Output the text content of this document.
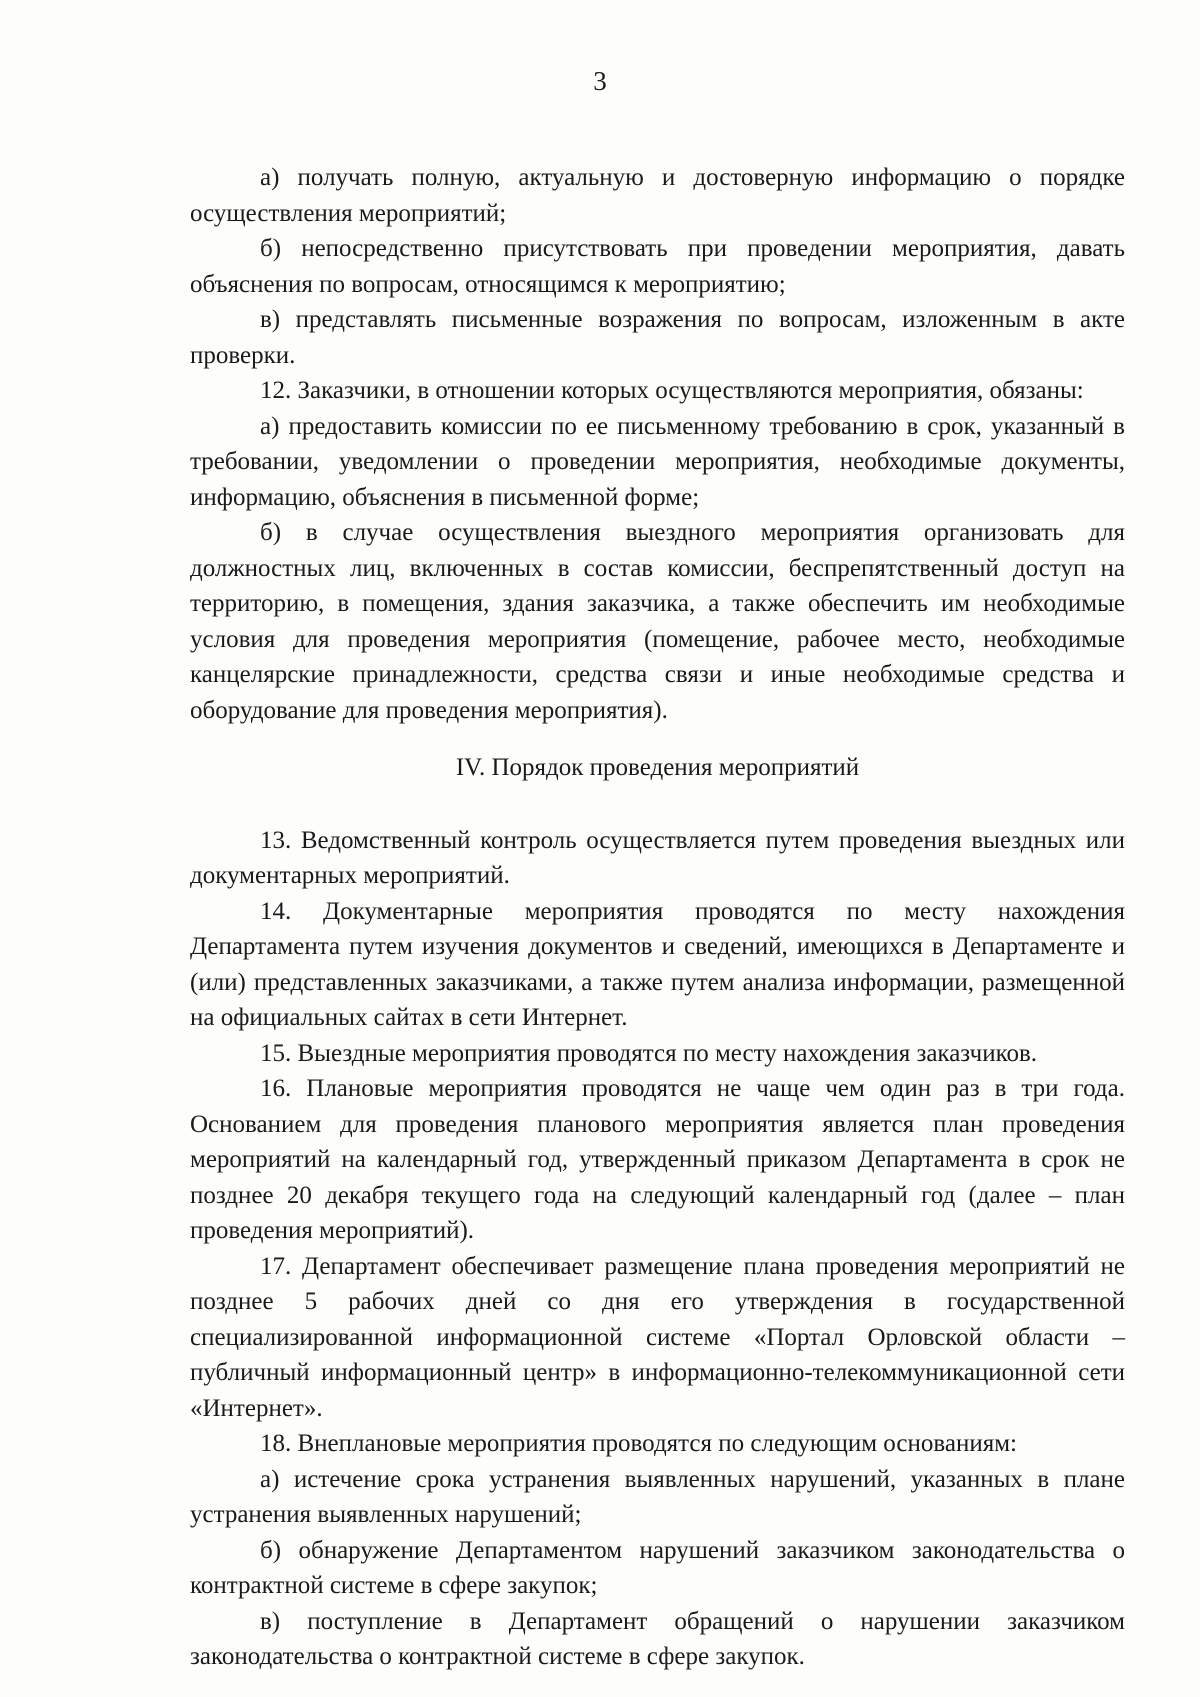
3

а) получать полную, актуальную и достоверную информацию о порядке осуществления мероприятий;

б) непосредственно присутствовать при проведении мероприятия, давать объяснения по вопросам, относящимся к мероприятию;

в) представлять письменные возражения по вопросам, изложенным в акте проверки.

12. Заказчики, в отношении которых осуществляются мероприятия, обязаны:

а) предоставить комиссии по ее письменному требованию в срок, указанный в требовании, уведомлении о проведении мероприятия, необходимые документы, информацию, объяснения в письменной форме;

б) в случае осуществления выездного мероприятия организовать для должностных лиц, включенных в состав комиссии, беспрепятственный доступ на территорию, в помещения, здания заказчика, а также обеспечить им необходимые условия для проведения мероприятия (помещение, рабочее место, необходимые канцелярские принадлежности, средства связи и иные необходимые средства и оборудование для проведения мероприятия).

IV. Порядок проведения мероприятий

13. Ведомственный контроль осуществляется путем проведения выездных или документарных мероприятий.

14. Документарные мероприятия проводятся по месту нахождения Департамента путем изучения документов и сведений, имеющихся в Департаменте и (или) представленных заказчиками, а также путем анализа информации, размещенной на официальных сайтах в сети Интернет.

15. Выездные мероприятия проводятся по месту нахождения заказчиков.

16. Плановые мероприятия проводятся не чаще чем один раз в три года. Основанием для проведения планового мероприятия является план проведения мероприятий на календарный год, утвержденный приказом Департамента в срок не позднее 20 декабря текущего года на следующий календарный год (далее – план проведения мероприятий).

17. Департамент обеспечивает размещение плана проведения мероприятий не позднее 5 рабочих дней со дня его утверждения в государственной специализированной информационной системе «Портал Орловской области – публичный информационный центр» в информационно-телекоммуникационной сети «Интернет».

18. Внеплановые мероприятия проводятся по следующим основаниям:

а) истечение срока устранения выявленных нарушений, указанных в плане устранения выявленных нарушений;

б) обнаружение Департаментом нарушений заказчиком законодательства о контрактной системе в сфере закупок;

в) поступление в Департамент обращений о нарушении заказчиком законодательства о контрактной системе в сфере закупок.
